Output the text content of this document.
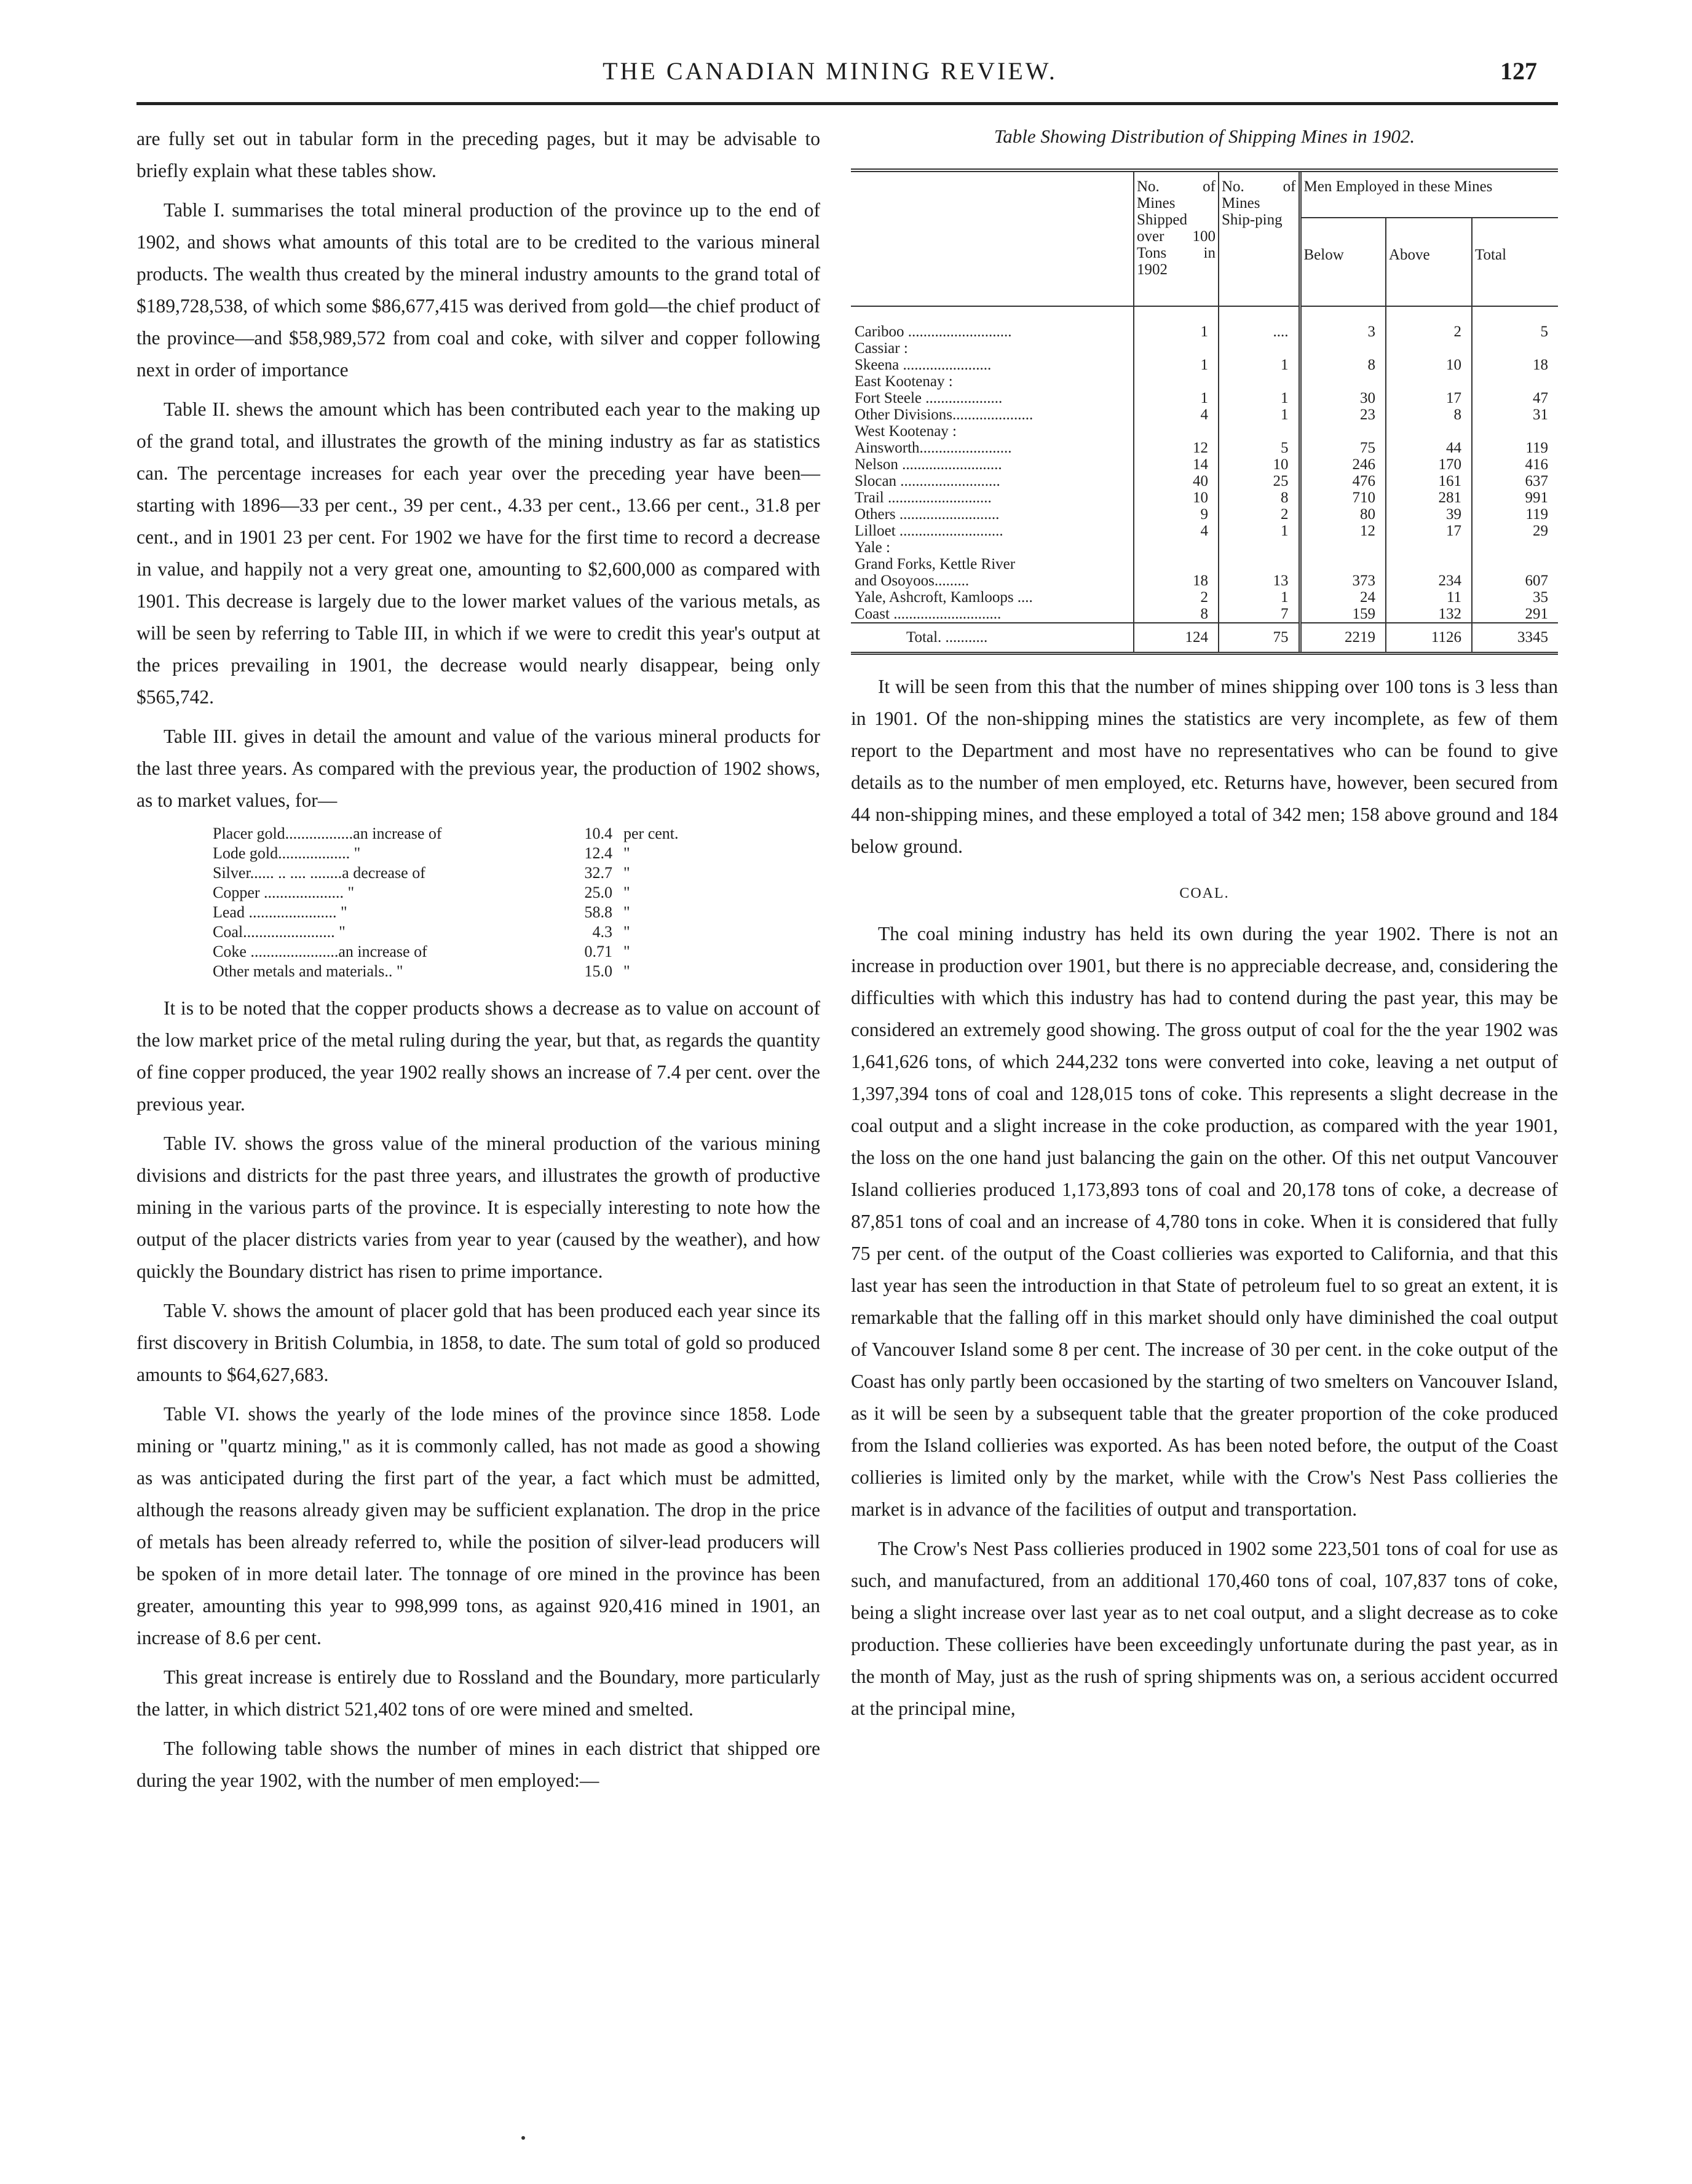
THE CANADIAN MINING REVIEW.	127

are fully set out in tabular form in the preceding pages, but it may be advisable to briefly explain what these tables show.

Table I. summarises the total mineral production of the province up to the end of 1902, and shows what amounts of this total are to be credited to the various mineral products. The wealth thus created by the mineral industry amounts to the grand total of $189,728,538, of which some $86,677,415 was derived from gold—the chief product of the province—and $58,989,572 from coal and coke, with silver and copper following next in order of importance

Table II. shews the amount which has been contributed each year to the making up of the grand total, and illustrates the growth of the mining industry as far as statistics can. The percentage increases for each year over the preceding year have been—starting with 1896—33 per cent., 39 per cent., 4.33 per cent., 13.66 per cent., 31.8 per cent., and in 1901 23 per cent. For 1902 we have for the first time to record a decrease in value, and happily not a very great one, amounting to $2,600,000 as compared with 1901. This decrease is largely due to the lower market values of the various metals, as will be seen by referring to Table III, in which if we were to credit this year's output at the prices prevailing in 1901, the decrease would nearly disappear, being only $565,742.

Table III. gives in detail the amount and value of the various mineral products for the last three years. As compared with the previous year, the production of 1902 shows, as to market values, for—

Placer gold.................an increase of	10.4 per cent.
Lode gold.................. "	12.4 "
Silver...... .. .... ........a decrease of	32.7 "
Copper .................... "	25.0 "
Lead ...................... "	58.8 "
Coal....................... "	4.3 "
Coke ......................an increase of	0.71 "
Other metals and materials.. "	15.0 "

It is to be noted that the copper products shows a decrease as to value on account of the low market price of the metal ruling during the year, but that, as regards the quantity of fine copper produced, the year 1902 really shows an increase of 7.4 per cent. over the previous year.

Table IV. shows the gross value of the mineral production of the various mining divisions and districts for the past three years, and illustrates the growth of productive mining in the various parts of the province. It is especially interesting to note how the output of the placer districts varies from year to year (caused by the weather), and how quickly the Boundary district has risen to prime importance.

Table V. shows the amount of placer gold that has been produced each year since its first discovery in British Columbia, in 1858, to date. The sum total of gold so produced amounts to $64,627,683.

Table VI. shows the yearly of the lode mines of the province since 1858. Lode mining or "quartz mining," as it is commonly called, has not made as good a showing as was anticipated during the first part of the year, a fact which must be admitted, although the reasons already given may be sufficient explanation. The drop in the price of metals has been already referred to, while the position of silver-lead producers will be spoken of in more detail later. The tonnage of ore mined in the province has been greater, amounting this year to 998,999 tons, as against 920,416 mined in 1901, an increase of 8.6 per cent.

This great increase is entirely due to Rossland and the Boundary, more particularly the latter, in which district 521,402 tons of ore were mined and smelted.

The following table shows the number of mines in each district that shipped ore during the year 1902, with the number of men employed:—

Table Showing Distribution of Shipping Mines in 1902.
	No. of Mines Shipped over 100 Tons in 1902	No. of Mines Ship-ping	Men Employed in these Mines		
			Below	Above	Total

Cariboo ...........................	1	....	3	2	5
Cassiar :					
Skeena .......................	1	1	8	10	18
East Kootenay :					
Fort Steele ....................	1	1	30	17	47
Other Divisions.....................	4	1	23	8	31
West Kootenay :					
Ainsworth........................	12	5	75	44	119
Nelson ..........................	14	10	246	170	416
Slocan ..........................	40	25	476	161	637
Trail ...........................	10	8	710	281	991
Others ..........................	9	2	80	39	119
Lilloet ...........................	4	1	12	17	29
Yale :					
Grand Forks, Kettle River					
and Osoyoos.........	18	13	373	234	607
Yale, Ashcroft, Kamloops ....	2	1	24	11	35
Coast ............................	8	7	159	132	291
Total. ...........	124	75	2219	1126	3345

It will be seen from this that the number of mines shipping over 100 tons is 3 less than in 1901. Of the non-shipping mines the statistics are very incomplete, as few of them report to the Department and most have no representatives who can be found to give details as to the number of men employed, etc. Returns have, however, been secured from 44 non-shipping mines, and these employed a total of 342 men; 158 above ground and 184 below ground.

COAL.

The coal mining industry has held its own during the year 1902. There is not an increase in production over 1901, but there is no appreciable decrease, and, considering the difficulties with which this industry has had to contend during the past year, this may be considered an extremely good showing. The gross output of coal for the the year 1902 was 1,641,626 tons, of which 244,232 tons were converted into coke, leaving a net output of 1,397,394 tons of coal and 128,015 tons of coke. This represents a slight decrease in the coal output and a slight increase in the coke production, as compared with the year 1901, the loss on the one hand just balancing the gain on the other. Of this net output Vancouver Island collieries produced 1,173,893 tons of coal and 20,178 tons of coke, a decrease of 87,851 tons of coal and an increase of 4,780 tons in coke. When it is considered that fully 75 per cent. of the output of the Coast collieries was exported to California, and that this last year has seen the introduction in that State of petroleum fuel to so great an extent, it is remarkable that the falling off in this market should only have diminished the coal output of Vancouver Island some 8 per cent. The increase of 30 per cent. in the coke output of the Coast has only partly been occasioned by the starting of two smelters on Vancouver Island, as it will be seen by a subsequent table that the greater proportion of the coke produced from the Island collieries was exported. As has been noted before, the output of the Coast collieries is limited only by the market, while with the Crow's Nest Pass collieries the market is in advance of the facilities of output and transportation.

The Crow's Nest Pass collieries produced in 1902 some 223,501 tons of coal for use as such, and manufactured, from an additional 170,460 tons of coal, 107,837 tons of coke, being a slight increase over last year as to net coal output, and a slight decrease as to coke production. These collieries have been exceedingly unfortunate during the past year, as in the month of May, just as the rush of spring shipments was on, a serious accident occurred at the principal mine,
